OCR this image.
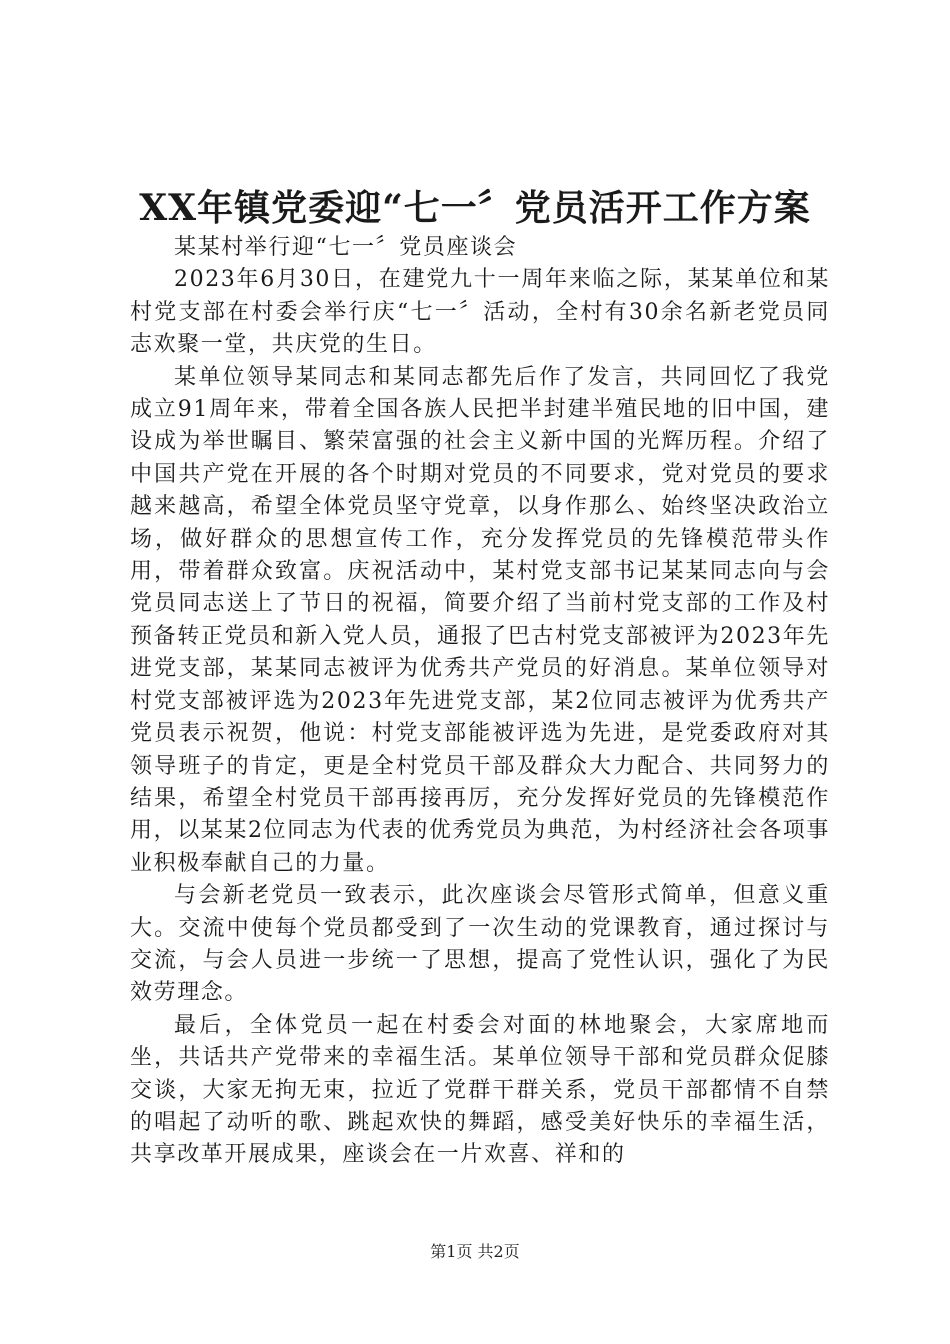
XX年镇党委迎“七一〞党员活开工作方案

某某村举行迎“七一〞党员座谈会

2023年6月30日，在建党九十一周年来临之际，某某单位和某村党支部在村委会举行庆“七一〞活动，全村有30余名新老党员同志欢聚一堂，共庆党的生日。

某单位领导某同志和某同志都先后作了发言，共同回忆了我党成立91周年来，带着全国各族人民把半封建半殖民地的旧中国，建设成为举世瞩目、繁荣富强的社会主义新中国的光辉历程。介绍了中国共产党在开展的各个时期对党员的不同要求，党对党员的要求越来越高，希望全体党员坚守党章，以身作那么、始终坚决政治立场，做好群众的思想宣传工作，充分发挥党员的先锋模范带头作用，带着群众致富。庆祝活动中，某村党支部书记某某同志向与会党员同志送上了节日的祝福，简要介绍了当前村党支部的工作及村预备转正党员和新入党人员，通报了巴古村党支部被评为2023年先进党支部，某某同志被评为优秀共产党员的好消息。某单位领导对村党支部被评选为2023年先进党支部，某2位同志被评为优秀共产党员表示祝贺，他说：村党支部能被评选为先进，是党委政府对其领导班子的肯定，更是全村党员干部及群众大力配合、共同努力的结果，希望全村党员干部再接再厉，充分发挥好党员的先锋模范作用，以某某2位同志为代表的优秀党员为典范，为村经济社会各项事业积极奉献自己的力量。

与会新老党员一致表示，此次座谈会尽管形式简单，但意义重大。交流中使每个党员都受到了一次生动的党课教育，通过探讨与交流，与会人员进一步统一了思想，提高了党性认识，强化了为民效劳理念。

最后，全体党员一起在村委会对面的林地聚会，大家席地而坐，共话共产党带来的幸福生活。某单位领导干部和党员群众促膝交谈，大家无拘无束，拉近了党群干群关系，党员干部都情不自禁的唱起了动听的歌、跳起欢快的舞蹈，感受美好快乐的幸福生活，共享改革开展成果，座谈会在一片欢喜、祥和的

第1页 共2页
